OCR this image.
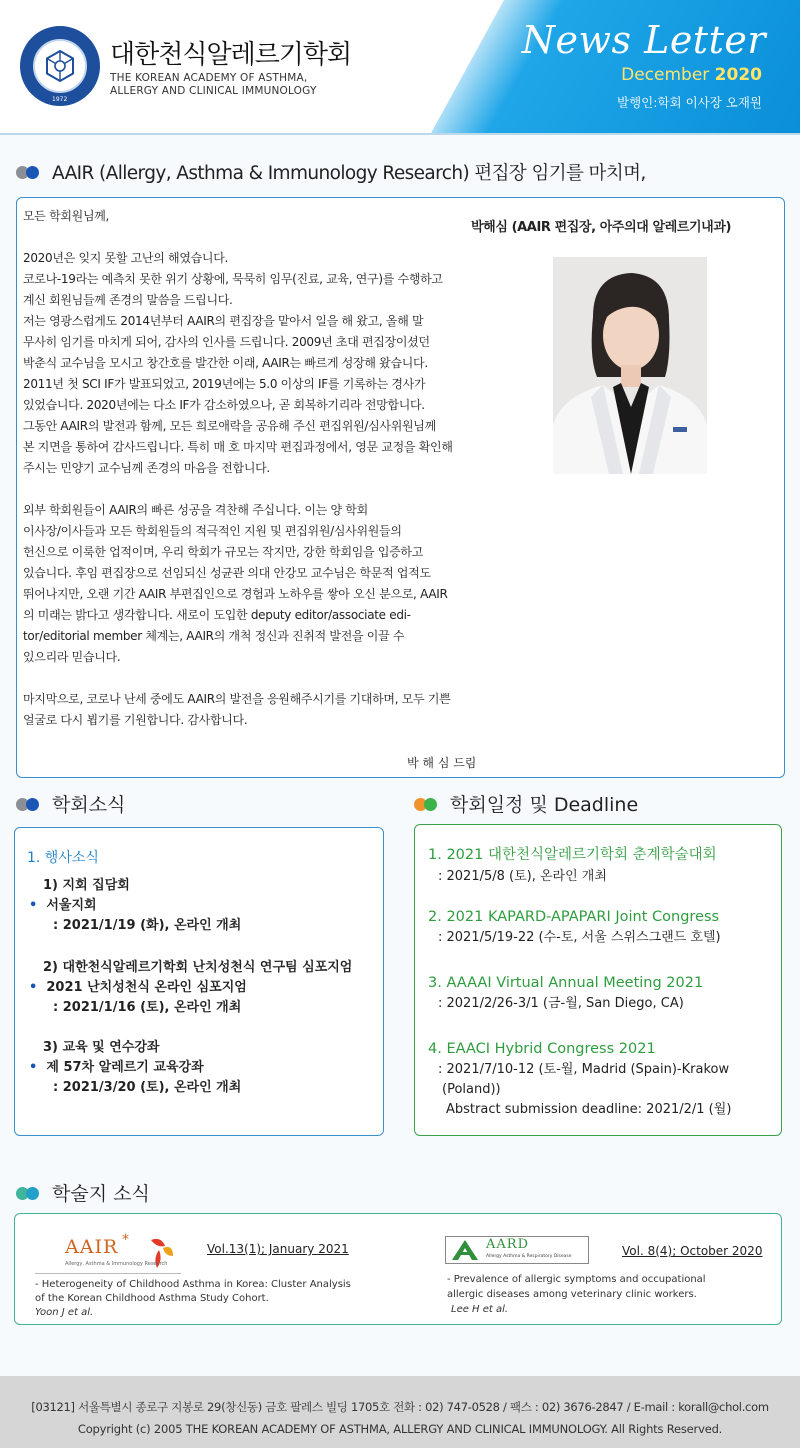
1972
대한천식알레르기학회
THE KOREAN ACADEMY OF ASTHMA,
ALLERGY AND CLINICAL IMMUNOLOGY
News Letter
December 2020
발행인:학회 이사장 오재원
AAIR (Allergy, Asthma & Immunology Research) 편집장 임기를 마치며,

모든 학회원님께,

2020년은 잊지 못할 고난의 해였습니다.

코로나-19라는 예측치 못한 위기 상황에, 묵묵히 임무(진료, 교육, 연구)를 수행하고

계신 회원님들께 존경의 말씀을 드립니다.

저는 영광스럽게도 2014년부터 AAIR의 편집장을 맡아서 일을 해 왔고, 올해 말

무사히 임기를 마치게 되어, 감사의 인사를 드립니다. 2009년 초대 편집장이셨던

박춘식 교수님을 모시고 창간호를 발간한 이래, AAIR는 빠르게 성장해 왔습니다.

2011년 첫 SCI IF가 발표되었고, 2019년에는 5.0 이상의 IF를 기록하는 경사가

있었습니다. 2020년에는 다소 IF가 감소하였으나, 곧 회복하기리라 전망합니다.

그동안 AAIR의 발전과 함께, 모든 희로애락을 공유해 주신 편집위원/심사위원님께

본 지면을 통하여 감사드립니다. 특히 매 호 마지막 편집과정에서, 영문 교정을 확인해

주시는 민양기 교수님께 존경의 마음을 전합니다.

외부 학회원들이 AAIR의 빠른 성공을 격찬해 주십니다. 이는 양 학회

이사장/이사들과 모든 학회원들의 적극적인 지원 및 편집위원/심사위원들의

헌신으로 이룩한 업적이며, 우리 학회가 규모는 작지만, 강한 학회임을 입증하고

있습니다. 후임 편집장으로 선임되신 성균관 의대 안강모 교수님은 학문적 업적도

뛰어나지만, 오랜 기간 AAIR 부편집인으로 경험과 노하우를 쌓아 오신 분으로, AAIR

의 미래는 밝다고 생각합니다. 새로이 도입한 deputy editor/associate edi-

tor/editorial member 체계는, AAIR의 개척 정신과 진취적 발전을 이끌 수

있으리라 믿습니다.

마지막으로, 코로나 난세 중에도 AAIR의 발전을 응원해주시기를 기대하며, 모두 기쁜

얼굴로 다시 뵙기를 기원합니다. 감사합니다.

박 해 심 드림
박해심 (AAIR 편집장, 아주의대 알레르기내과)
학회소식
1. 행사소식
1) 지회 집담회
• 서울지회
: 2021/1/19 (화), 온라인 개최
2) 대한천식알레르기학회 난치성천식 연구팀 심포지엄
• 2021 난치성천식 온라인 심포지엄
: 2021/1/16 (토), 온라인 개최
3) 교육 및 연수강좌
• 제 57차 알레르기 교육강좌
: 2021/3/20 (토), 온라인 개최
학회일정 및 Deadline
1. 2021 대한천식알레르기학회 춘계학술대회
: 2021/5/8 (토), 온라인 개최
2. 2021 KAPARD-APAPARI Joint Congress
: 2021/5/19-22 (수-토, 서울 스위스그랜드 호텔)
3. AAAAI Virtual Annual Meeting 2021
: 2021/2/26-3/1 (금-월, San Diego, CA)
4. EAACI Hybrid Congress 2021
: 2021/7/10-12 (토-월, Madrid (Spain)-Krakow
(Poland))
Abstract submission deadline: 2021/2/1 (월)
학술지 소식
AAIR *
Allergy, Asthma & Immunology Research
Vol.13(1); January 2021
- Heterogeneity of Childhood Asthma in Korea: Cluster Analysis
of the Korean Childhood Asthma Study Cohort.
Yoon J et al.
AARD
Allergy Asthma & Respiratory Disease	Vol. 8(4); October 2020
- Prevalence of allergic symptoms and occupational
allergic diseases among veterinary clinic workers.
Lee H et al.

[03121] 서울특별시 종로구 지봉로 29(창신동) 금호 팔레스 빌딩 1705호 전화 : 02) 747-0528 / 팩스 : 02) 3676-2847 / E-mail : korall@chol.com

Copyright (c) 2005 THE KOREAN ACADEMY OF ASTHMA, ALLERGY AND CLINICAL IMMUNOLOGY. All Rights Reserved.
